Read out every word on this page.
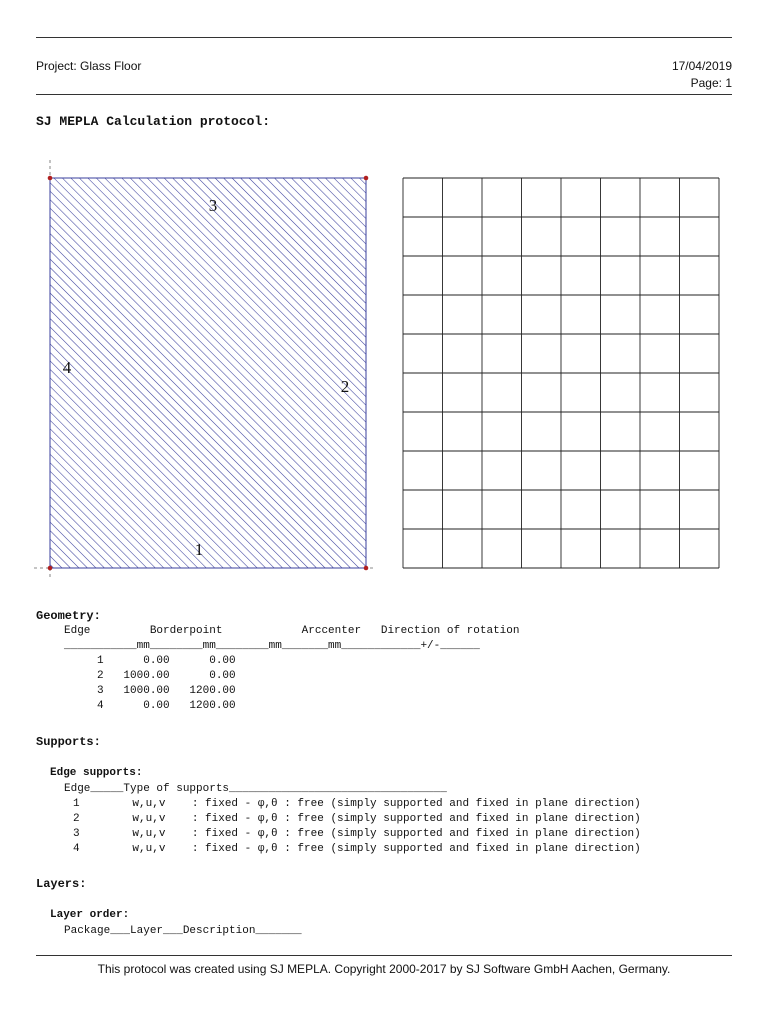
Project: Glass Floor	17/04/2019
Page: 1
SJ MEPLA Calculation protocol:
1
2
3
4
Geometry:
Edge         Borderpoint            Arccenter   Direction of rotation
___________mm________mm________mm_______mm____________+/-______
1      0.00      0.00
2   1000.00      0.00
3   1000.00   1200.00
4      0.00   1200.00
Supports:
Edge supports:
Edge_____Type of supports_________________________________
1        w,u,v    : fixed - φ,θ : free (simply supported and fixed in plane direction)
2        w,u,v    : fixed - φ,θ : free (simply supported and fixed in plane direction)
3        w,u,v    : fixed - φ,θ : free (simply supported and fixed in plane direction)
4        w,u,v    : fixed - φ,θ : free (simply supported and fixed in plane direction)
Layers:
Layer order:
Package___Layer___Description_______
This protocol was created using SJ MEPLA. Copyright 2000-2017 by SJ Software GmbH Aachen, Germany.
